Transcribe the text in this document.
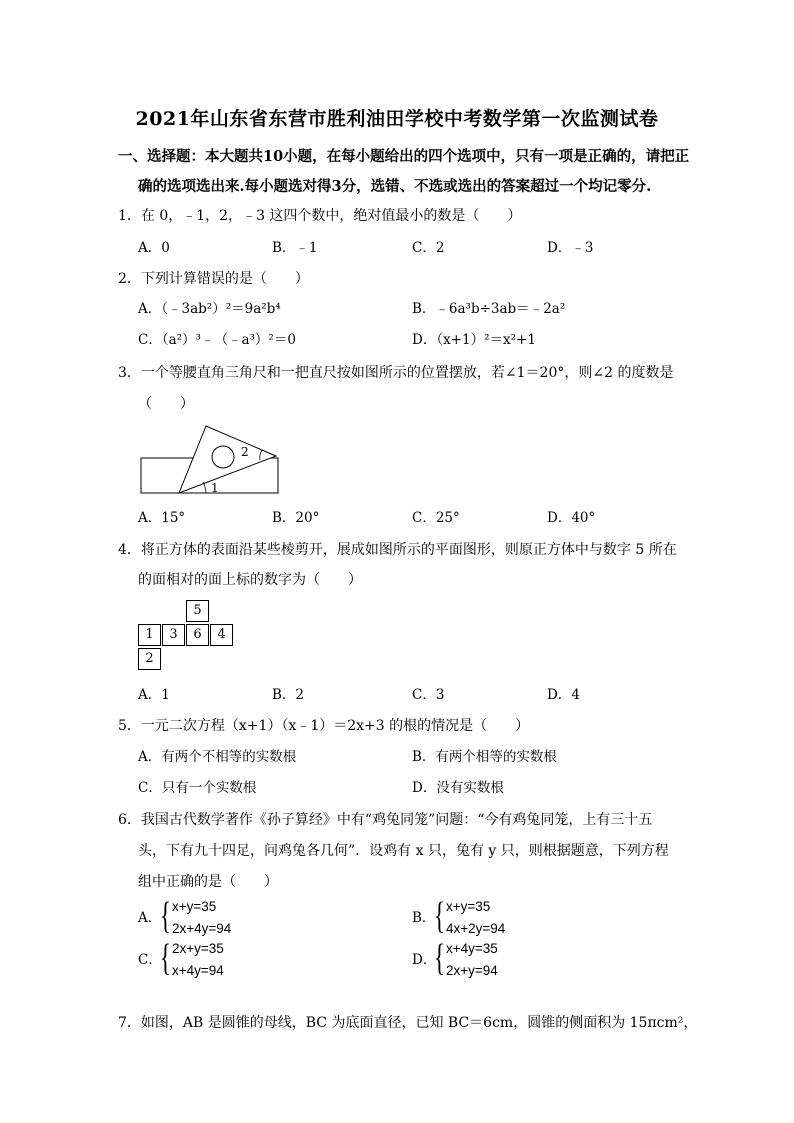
2021年山东省东营市胜利油田学校中考数学第一次监测试卷
一、选择题：本大题共10小题，在每小题给出的四个选项中，只有一项是正确的，请把正
确的选项选出来.每小题选对得3分，选错、不选或选出的答案超过一个均记零分.
1．在 0，﹣1，2，﹣3 这四个数中，绝对值最小的数是（　　）
A．0	B．﹣1	C．2	D．﹣3
2．下列计算错误的是（　　）
A．（﹣3ab²）²＝9a²b⁴	B．﹣6a³b÷3ab＝﹣2a²
C．（a²）³﹣（﹣a³）²＝0	D．（x+1）²＝x²+1
3．一个等腰直角三角尺和一把直尺按如图所示的位置摆放，若∠1＝20°，则∠2 的度数是
（　　）
1
2
A．15°	B．20°	C．25°	D．40°
4．将正方体的表面沿某些棱剪开，展成如图所示的平面图形，则原正方体中与数字 5 所在
的面相对的面上标的数字为（　　）
5
1	3	6	4
2
A．1	B．2	C．3	D．4
5．一元二次方程（x+1）（x﹣1）＝2x+3 的根的情况是（　　）
A．有两个不相等的实数根	B．有两个相等的实数根
C．只有一个实数根	D．没有实数根
6．我国古代数学著作《孙子算经》中有“鸡兔同笼”问题：“今有鸡兔同笼，上有三十五
头，下有九十四足，问鸡兔各几何”．设鸡有 x 只，兔有 y 只，则根据题意，下列方程
组中正确的是（　　）
A．
{ x+y=35
2x+4y=94
B．
{ x+y=35
4x+2y=94
C．
{ 2x+y=35
x+4y=94
D．
{ x+4y=35
2x+y=94
7．如图，AB 是圆锥的母线，BC 为底面直径，已知 BC＝6cm，圆锥的侧面积为 15πcm²，
